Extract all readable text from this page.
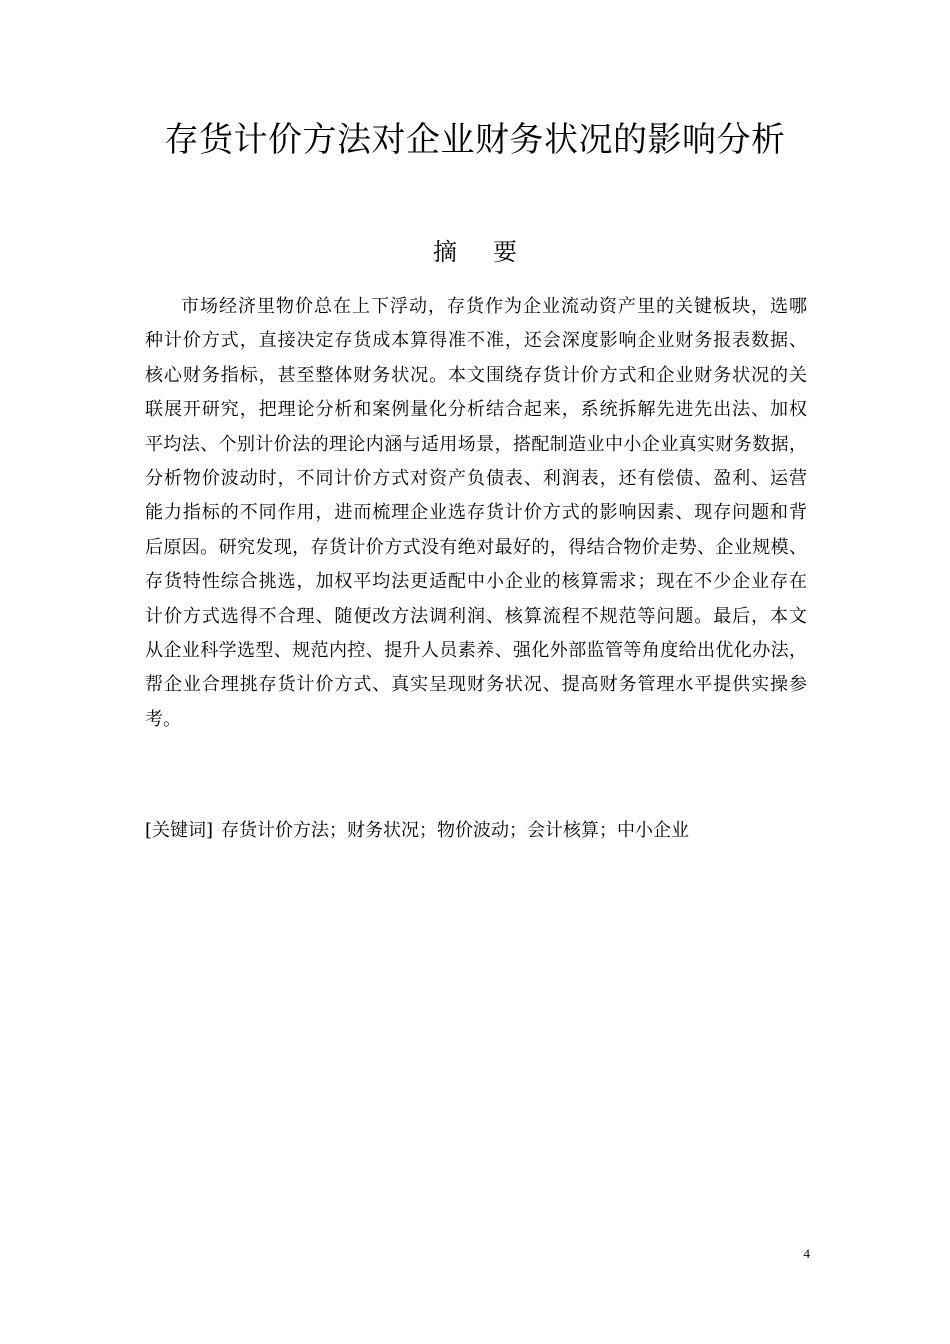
存货计价方法对企业财务状况的影响分析
摘 要
市场经济里物价总在上下浮动，存货作为企业流动资产里的关键板块，选哪
种计价方式，直接决定存货成本算得准不准，还会深度影响企业财务报表数据、
核心财务指标，甚至整体财务状况。本文围绕存货计价方式和企业财务状况的关
联展开研究，把理论分析和案例量化分析结合起来，系统拆解先进先出法、加权
平均法、个别计价法的理论内涵与适用场景，搭配制造业中小企业真实财务数据，
分析物价波动时，不同计价方式对资产负债表、利润表，还有偿债、盈利、运营
能力指标的不同作用，进而梳理企业选存货计价方式的影响因素、现存问题和背
后原因。研究发现，存货计价方式没有绝对最好的，得结合物价走势、企业规模、
存货特性综合挑选，加权平均法更适配中小企业的核算需求；现在不少企业存在
计价方式选得不合理、随便改方法调利润、核算流程不规范等问题。最后，本文
从企业科学选型、规范内控、提升人员素养、强化外部监管等角度给出优化办法，
帮企业合理挑存货计价方式、真实呈现财务状况、提高财务管理水平提供实操参
考。
[关键词] 存货计价方法；财务状况；物价波动；会计核算；中小企业
4
